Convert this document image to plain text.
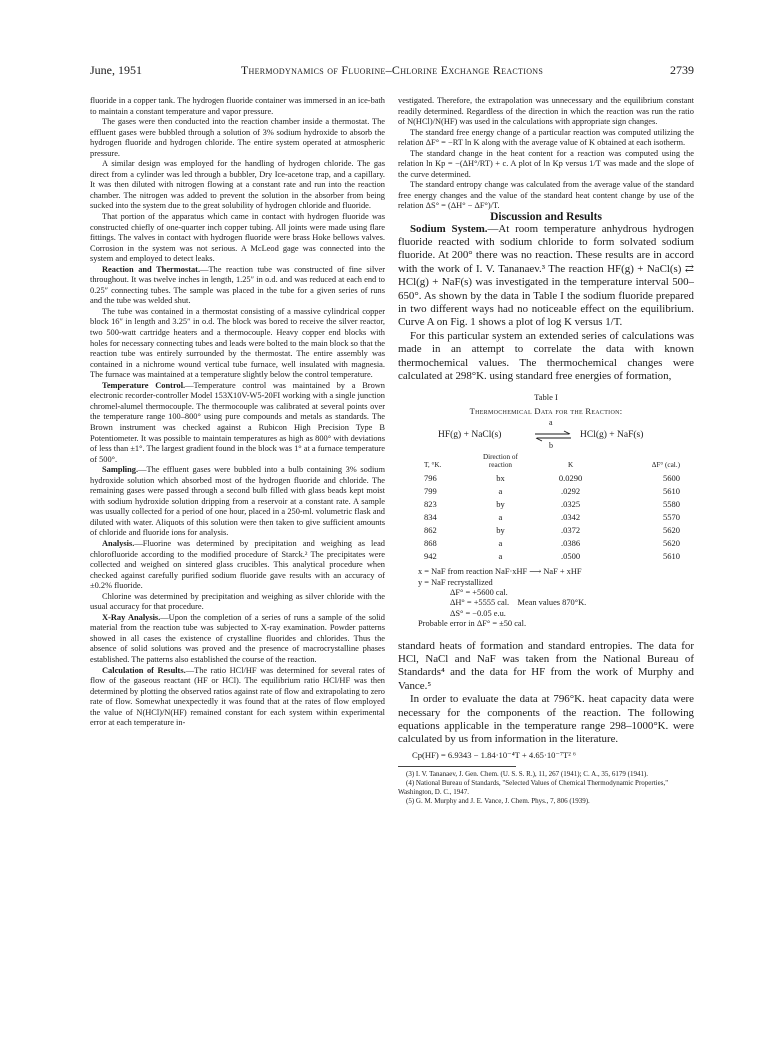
June, 1951	Thermodynamics of Fluorine–Chlorine Exchange Reactions	2739

fluoride in a copper tank. The hydrogen fluoride container was immersed in an ice-bath to maintain a constant temperature and vapor pressure.

The gases were then conducted into the reaction chamber inside a thermostat. The effluent gases were bubbled through a solution of 3% sodium hydroxide to absorb the hydrogen fluoride and hydrogen chloride. The entire system operated at atmospheric pressure.

A similar design was employed for the handling of hydrogen chloride. The gas direct from a cylinder was led through a bubbler, Dry Ice-acetone trap, and a capillary. It was then diluted with nitrogen flowing at a constant rate and run into the reaction chamber. The nitrogen was added to prevent the solution in the absorber from being sucked into the system due to the great solubility of hydrogen chloride and fluoride.

That portion of the apparatus which came in contact with hydrogen fluoride was constructed chiefly of one-quarter inch copper tubing. All joints were made using flare fittings. The valves in contact with hydrogen fluoride were brass Hoke bellows valves. Corrosion in the system was not serious. A McLeod gage was connected into the system and employed to detect leaks.

Reaction and Thermostat.—The reaction tube was constructed of fine silver throughout. It was twelve inches in length, 1.25″ in o.d. and was reduced at each end to 0.25″ connecting tubes. The sample was placed in the tube for a given series of runs and the tube was welded shut.

The tube was contained in a thermostat consisting of a massive cylindrical copper block 16″ in length and 3.25″ in o.d. The block was bored to receive the silver reactor, two 500-watt cartridge heaters and a thermocouple. Heavy copper end blocks with holes for necessary connecting tubes and leads were bolted to the main block so that the reaction tube was entirely surrounded by the thermostat. The entire assembly was contained in a nichrome wound vertical tube furnace, well insulated with magnesia. The furnace was maintained at a temperature slightly below the control temperature.

Temperature Control.—Temperature control was maintained by a Brown electronic recorder-controller Model 153X10V-W5-20FI working with a single junction chromel-alumel thermocouple. The thermocouple was calibrated at several points over the temperature range 100–800° using pure compounds and metals as standards. The Brown instrument was checked against a Rubicon High Precision Type B Potentiometer. It was possible to maintain temperatures as high as 800° with deviations of less than ±1°. The largest gradient found in the block was 1° at a furnace temperature of 500°.

Sampling.—The effluent gases were bubbled into a bulb containing 3% sodium hydroxide solution which absorbed most of the hydrogen fluoride and chloride. The remaining gases were passed through a second bulb filled with glass beads kept moist with sodium hydroxide solution dripping from a reservoir at a constant rate. A sample was usually collected for a period of one hour, placed in a 250-ml. volumetric flask and diluted with water. Aliquots of this solution were then taken to give sufficient amounts of chloride and fluoride ions for analysis.

Analysis.—Fluorine was determined by precipitation and weighing as lead chlorofluoride according to the modified procedure of Starck.² The precipitates were collected and weighed on sintered glass crucibles. This analytical procedure when checked against carefully purified sodium fluoride gave results with an accuracy of ±0.2% fluoride.

Chlorine was determined by precipitation and weighing as silver chloride with the usual accuracy for that procedure.

X-Ray Analysis.—Upon the completion of a series of runs a sample of the solid material from the reaction tube was subjected to X-ray examination. Powder patterns showed in all cases the existence of crystalline fluorides and chlorides. Thus the absence of solid solutions was proved and the presence of macrocrystalline phases established. The patterns also established the course of the reaction.

Calculation of Results.—The ratio HCl/HF was determined for several rates of flow of the gaseous reactant (HF or HCl). The equilibrium ratio HCl/HF was then determined by plotting the observed ratios against rate of flow and extrapolating to zero rate of flow. Somewhat unexpectedly it was found that at the rates of flow employed the value of N(HCl)/N(HF) remained constant for each system within experimental error at each temperature in-

vestigated. Therefore, the extrapolation was unnecessary and the equilibrium constant readily determined. Regardless of the direction in which the reaction was run the ratio of N(HCl)/N(HF) was used in the calculations with appropriate sign changes.

The standard free energy change of a particular reaction was computed utilizing the relation ΔF° = −RT ln K along with the average value of K obtained at each isotherm.

The standard change in the heat content for a reaction was computed using the relation ln Kp = −(ΔH°/RT) + c. A plot of ln Kp versus 1/T was made and the slope of the curve determined.

The standard entropy change was calculated from the average value of the standard free energy changes and the value of the standard heat content change by use of the relation ΔS° = (ΔH° − ΔF°)/T.

Discussion and Results

Sodium System.—At room temperature anhydrous hydrogen fluoride reacted with sodium chloride to form solvated sodium fluoride. At 200° there was no reaction. These results are in accord with the work of I. V. Tananaev.³ The reaction HF(g) + NaCl(s) ⇄ HCl(g) + NaF(s) was investigated in the temperature interval 500–650°. As shown by the data in Table I the sodium fluoride prepared in two different ways had no noticeable effect on the equilibrium. Curve A on Fig. 1 shows a plot of log K versus 1/T.

For this particular system an extended series of calculations was made in an attempt to correlate the data with known thermochemical values. The thermochemical changes were calculated at 298°K. using standard free energies of formation,

Table I
Thermochemical Data for the Reaction:
HF(g) + NaCl(s)
a
b
HCl(g) + NaF(s)
T, °K.	Direction of reaction	K	ΔF° (cal.)
796	bx	0.0290	5600
799	a	.0292	5610
823	by	.0325	5580
834	a	.0342	5570
862	by	.0372	5620
868	a	.0386	5620
942	a	.0500	5610
x = NaF from reaction NaF·xHF ⟶ NaF + xHF
y = NaF recrystallized
ΔF° = +5600 cal.
ΔH° = +5555 cal. Mean values 870°K.
ΔS° = −0.05 e.u.
Probable error in ΔF° = ±50 cal.

standard heats of formation and standard entropies. The data for HCl, NaCl and NaF was taken from the National Bureau of Standards⁴ and the data for HF from the work of Murphy and Vance.⁵

In order to evaluate the data at 796°K. heat capacity data were necessary for the components of the reaction. The following equations applicable in the temperature range 298–1000°K. were calculated by us from information in the literature.

Cp(HF) = 6.9343 − 1.84·10⁻⁴T + 4.65·10⁻⁷T² ⁶
(3) I. V. Tananaev, J. Gen. Chem. (U. S. S. R.), 11, 267 (1941); C. A., 35, 6179 (1941).
(4) National Bureau of Standards, "Selected Values of Chemical Thermodynamic Properties," Washington, D. C., 1947.
(5) G. M. Murphy and J. E. Vance, J. Chem. Phys., 7, 806 (1939).
